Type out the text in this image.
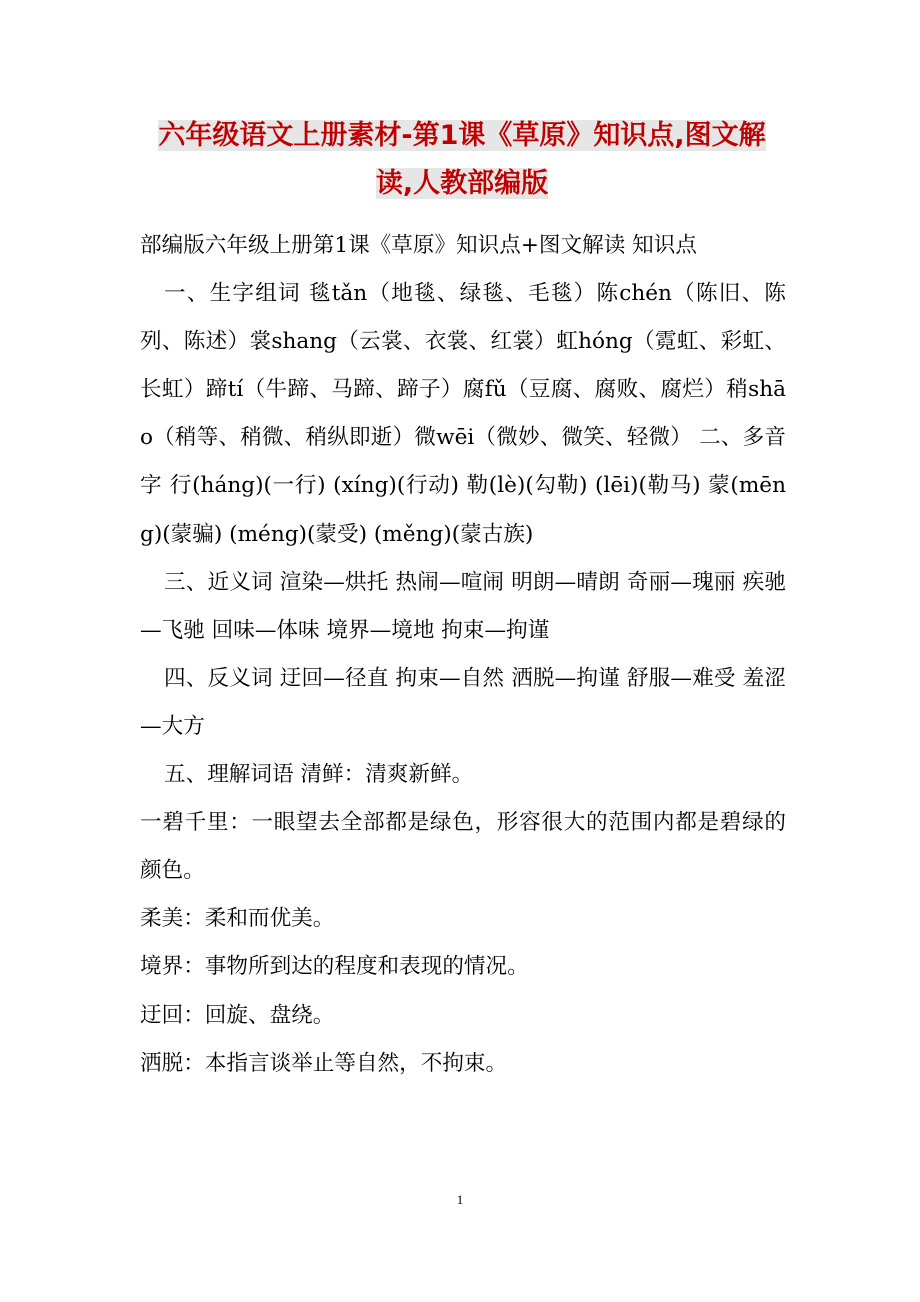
六年级语文上册素材-第1课《草原》知识点,图文解
读,人教部编版

部编版六年级上册第1课《草原》知识点+图文解读 知识点

一、生字组词 毯tǎn（地毯、绿毯、毛毯）陈chén（陈旧、陈列、陈述）裳shang（云裳、衣裳、红裳）虹hóng（霓虹、彩虹、长虹）蹄tí（牛蹄、马蹄、蹄子）腐fǔ（豆腐、腐败、腐烂）稍shāo（稍等、稍微、稍纵即逝）微wēi（微妙、微笑、轻微） 二、多音字 行(háng)(一行) (xíng)(行动) 勒(lè)(勾勒) (lēi)(勒马) 蒙(mēng)(蒙骗) (méng)(蒙受) (měng)(蒙古族)

三、近义词 渲染—烘托 热闹—喧闹 明朗—晴朗 奇丽—瑰丽 疾驰—飞驰 回味—体味 境界—境地 拘束—拘谨

四、反义词 迂回—径直 拘束—自然 洒脱—拘谨 舒服—难受 羞涩—大方

五、理解词语 清鲜：清爽新鲜。

一碧千里：一眼望去全部都是绿色，形容很大的范围内都是碧绿的颜色。

柔美：柔和而优美。

境界：事物所到达的程度和表现的情况。

迂回：回旋、盘绕。

洒脱：本指言谈举止等自然，不拘束。

1
